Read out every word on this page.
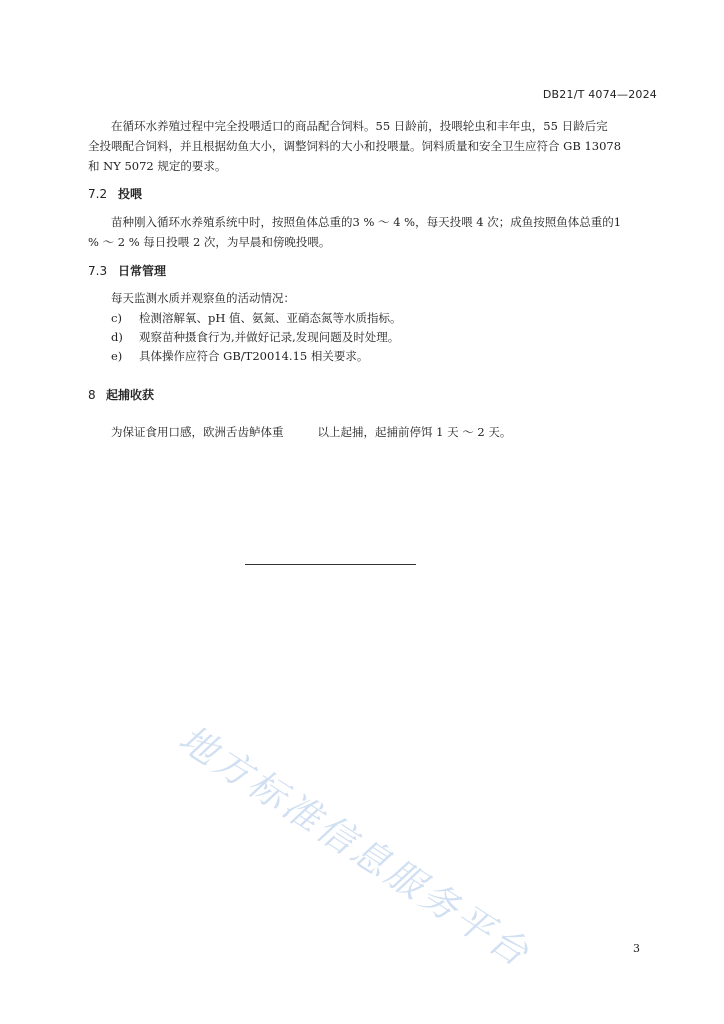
DB21/T 4074—2024
在循环水养殖过程中完全投喂适口的商品配合饲料。55 日龄前，投喂轮虫和丰年虫，55 日龄后完
全投喂配合饲料，并且根据幼鱼大小，调整饲料的大小和投喂量。饲料质量和安全卫生应符合 GB 13078
和 NY 5072 规定的要求。
7.2 投喂
苗种刚入循环水养殖系统中时，按照鱼体总重的3 % ～ 4 %，每天投喂 4 次；成鱼按照鱼体总重的1
% ～ 2 % 每日投喂 2 次，为早晨和傍晚投喂。
7.3 日常管理
每天监测水质并观察鱼的活动情况：
c) 检测溶解氧、pH 值、氨氮、亚硝态氮等水质指标。
d) 观察苗种摄食行为,并做好记录,发现问题及时处理。
e) 具体操作应符合 GB/T20014.15 相关要求。
8 起捕收获
为保证食用口感，欧洲舌齿鲈体重	以上起捕，起捕前停饵 1 天 ～ 2 天。
地方标准信息服务平台	3
